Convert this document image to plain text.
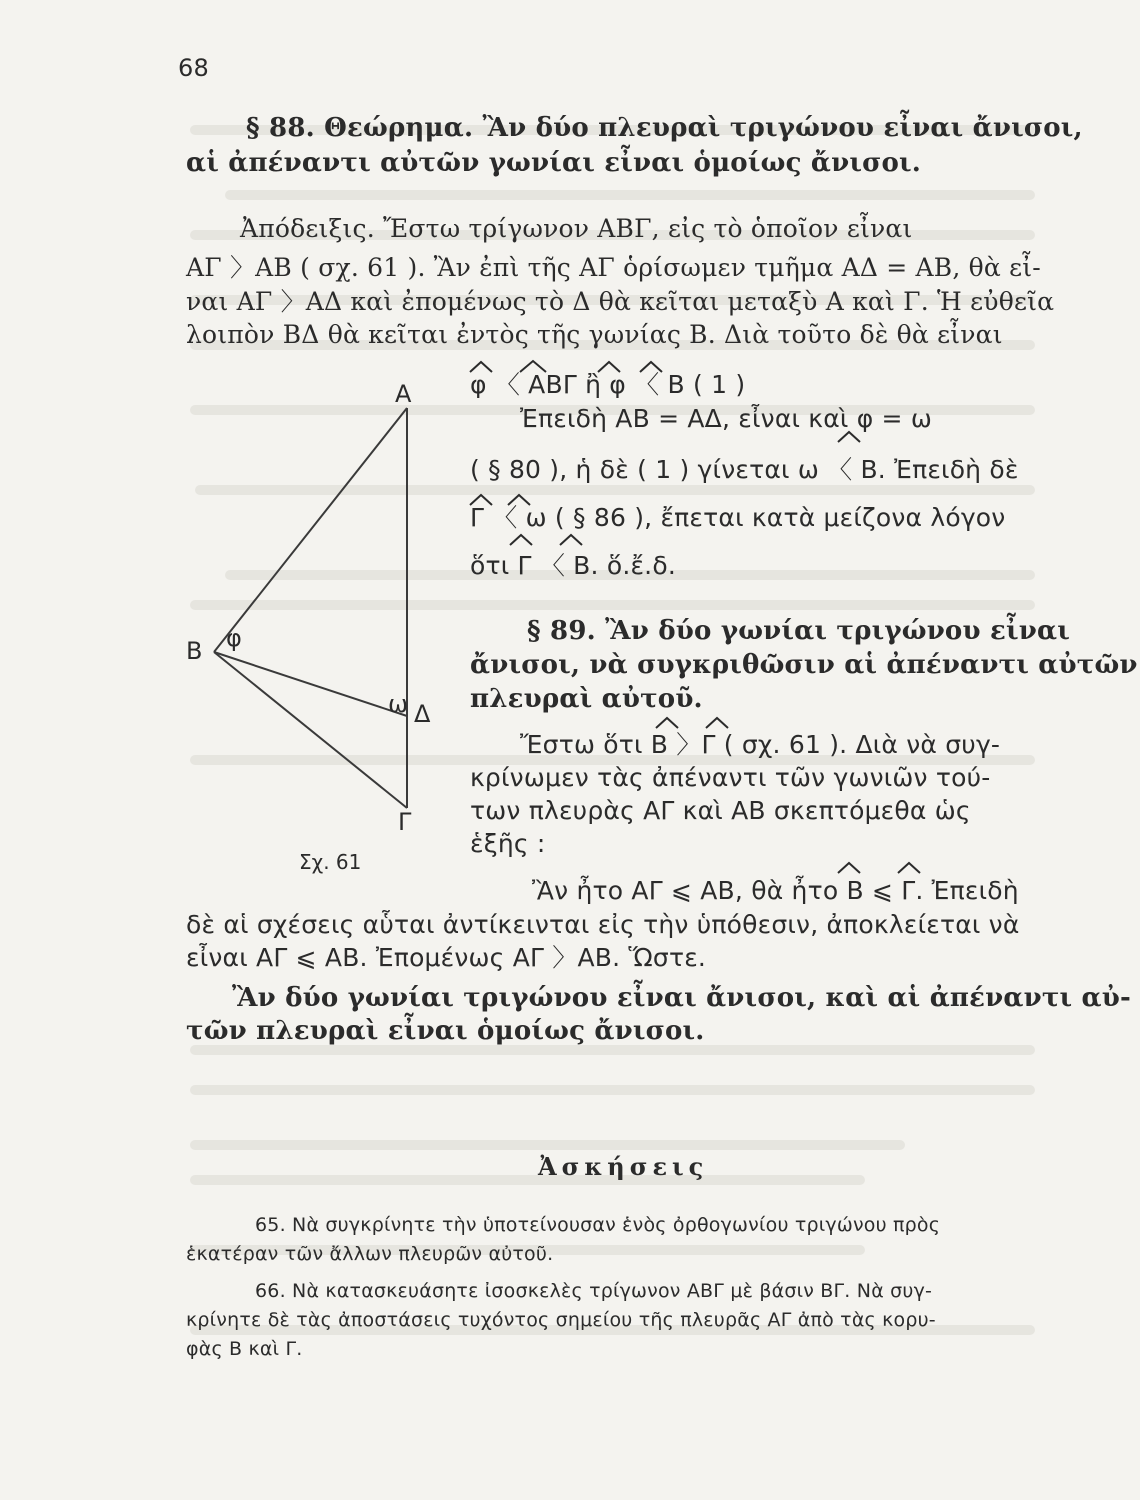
68
§ 88. Θεώρημα. Ἂν δύο πλευραὶ τριγώνου εἶναι ἄνισοι,
αἱ ἀπέναντι αὐτῶν γωνίαι εἶναι ὁμοίως ἄνισοι.
Ἀπόδειξις. Ἔστω τρίγωνον ΑΒΓ, εἰς τὸ ὁποῖον εἶναι
ΑΓ 〉ΑΒ ( σχ. 61 ). Ἂν ἐπὶ τῆς ΑΓ ὁρίσωμεν τμῆμα ΑΔ = ΑΒ, θὰ εἶ-
ναι ΑΓ 〉ΑΔ καὶ ἐπομένως τὸ Δ θὰ κεῖται μεταξὺ Α καὶ Γ. Ἡ εὐθεῖα
λοιπὸν ΒΔ θὰ κεῖται ἐντὸς τῆς γωνίας Β. Διὰ τοῦτο δὲ θὰ εἶναι
φ 〈 ΑΒΓ ἢ φ 〈 Β ( 1 )
Ἐπειδὴ ΑΒ = ΑΔ, εἶναι καὶ φ = ω
( § 80 ), ἡ δὲ ( 1 ) γίνεται ω 〈 Β. Ἐπειδὴ δὲ
Γ 〈 ω ( § 86 ), ἔπεται κατὰ μείζονα λόγον
ὅτι Γ 〈 Β. ὅ.ἔ.δ.
Α
Β
Γ
Δ
φ
ω
Σχ. 61
§ 89. Ἂν δύο γωνίαι τριγώνου εἶναι
ἄνισοι, νὰ συγκριθῶσιν αἱ ἀπέναντι αὐτῶν
πλευραὶ αὐτοῦ.
Ἔστω ὅτι Β 〉Γ ( σχ. 61 ). Διὰ νὰ συγ-
κρίνωμεν τὰς ἀπέναντι τῶν γωνιῶν τού-
των πλευρὰς ΑΓ καὶ ΑΒ σκεπτόμεθα ὡς
ἑξῆς :
Ἂν ἦτο ΑΓ ⩽ ΑΒ, θὰ ἦτο Β ⩽ Γ. Ἐπειδὴ
δὲ αἱ σχέσεις αὗται ἀντίκεινται εἰς τὴν ὑπόθεσιν, ἀποκλείεται νὰ
εἶναι ΑΓ ⩽ ΑΒ. Ἐπομένως ΑΓ 〉ΑΒ. Ὥστε.
Ἂν δύο γωνίαι τριγώνου εἶναι ἄνισοι, καὶ αἱ ἀπέναντι αὐ-
τῶν πλευραὶ εἶναι ὁμοίως ἄνισοι.
Ἀσκήσεις
65. Νὰ συγκρίνητε τὴν ὑποτείνουσαν ἑνὸς ὀρθογωνίου τριγώνου πρὸς
ἑκατέραν τῶν ἄλλων πλευρῶν αὐτοῦ.
66. Νὰ κατασκευάσητε ἰσοσκελὲς τρίγωνον ΑΒΓ μὲ βάσιν ΒΓ. Νὰ συγ-
κρίνητε δὲ τὰς ἀποστάσεις τυχόντος σημείου τῆς πλευρᾶς ΑΓ ἀπὸ τὰς κορυ-
φὰς Β καὶ Γ.
